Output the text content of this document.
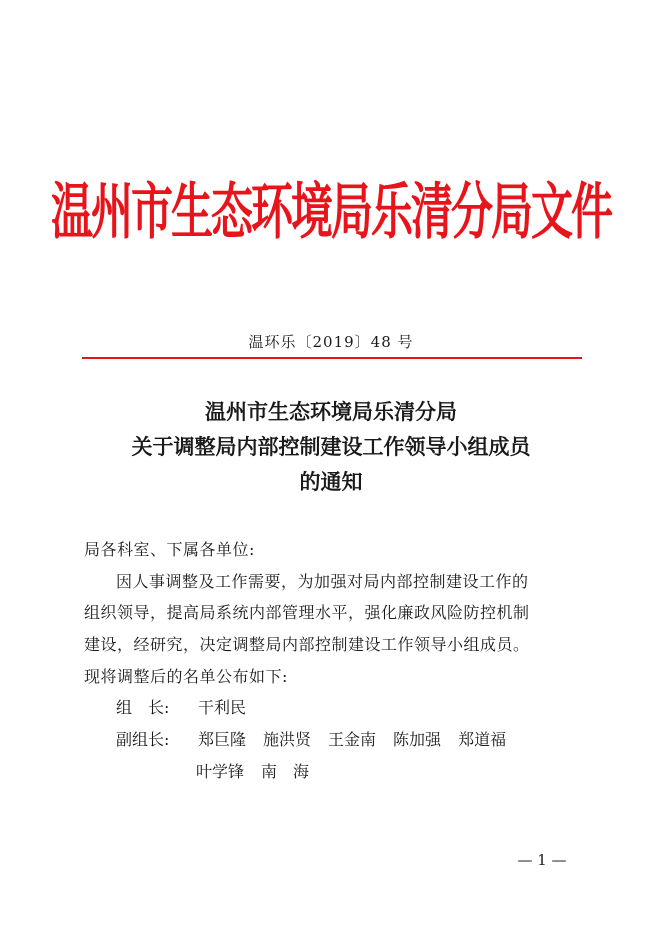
温州市生态环境局乐清分局文件
温环乐〔2019〕48 号
温州市生态环境局乐清分局
关于调整局内部控制建设工作领导小组成员
的通知
局各科室、下属各单位:
因人事调整及工作需要，为加强对局内部控制建设工作的
组织领导，提高局系统内部管理水平，强化廉政风险防控机制
建设，经研究，决定调整局内部控制建设工作领导小组成员。
现将调整后的名单公布如下:
组　长:	干利民
副组长:	郑巨隆 施洪贤 王金南 陈加强 郑道福
叶学锋 南　海
— 1 —
